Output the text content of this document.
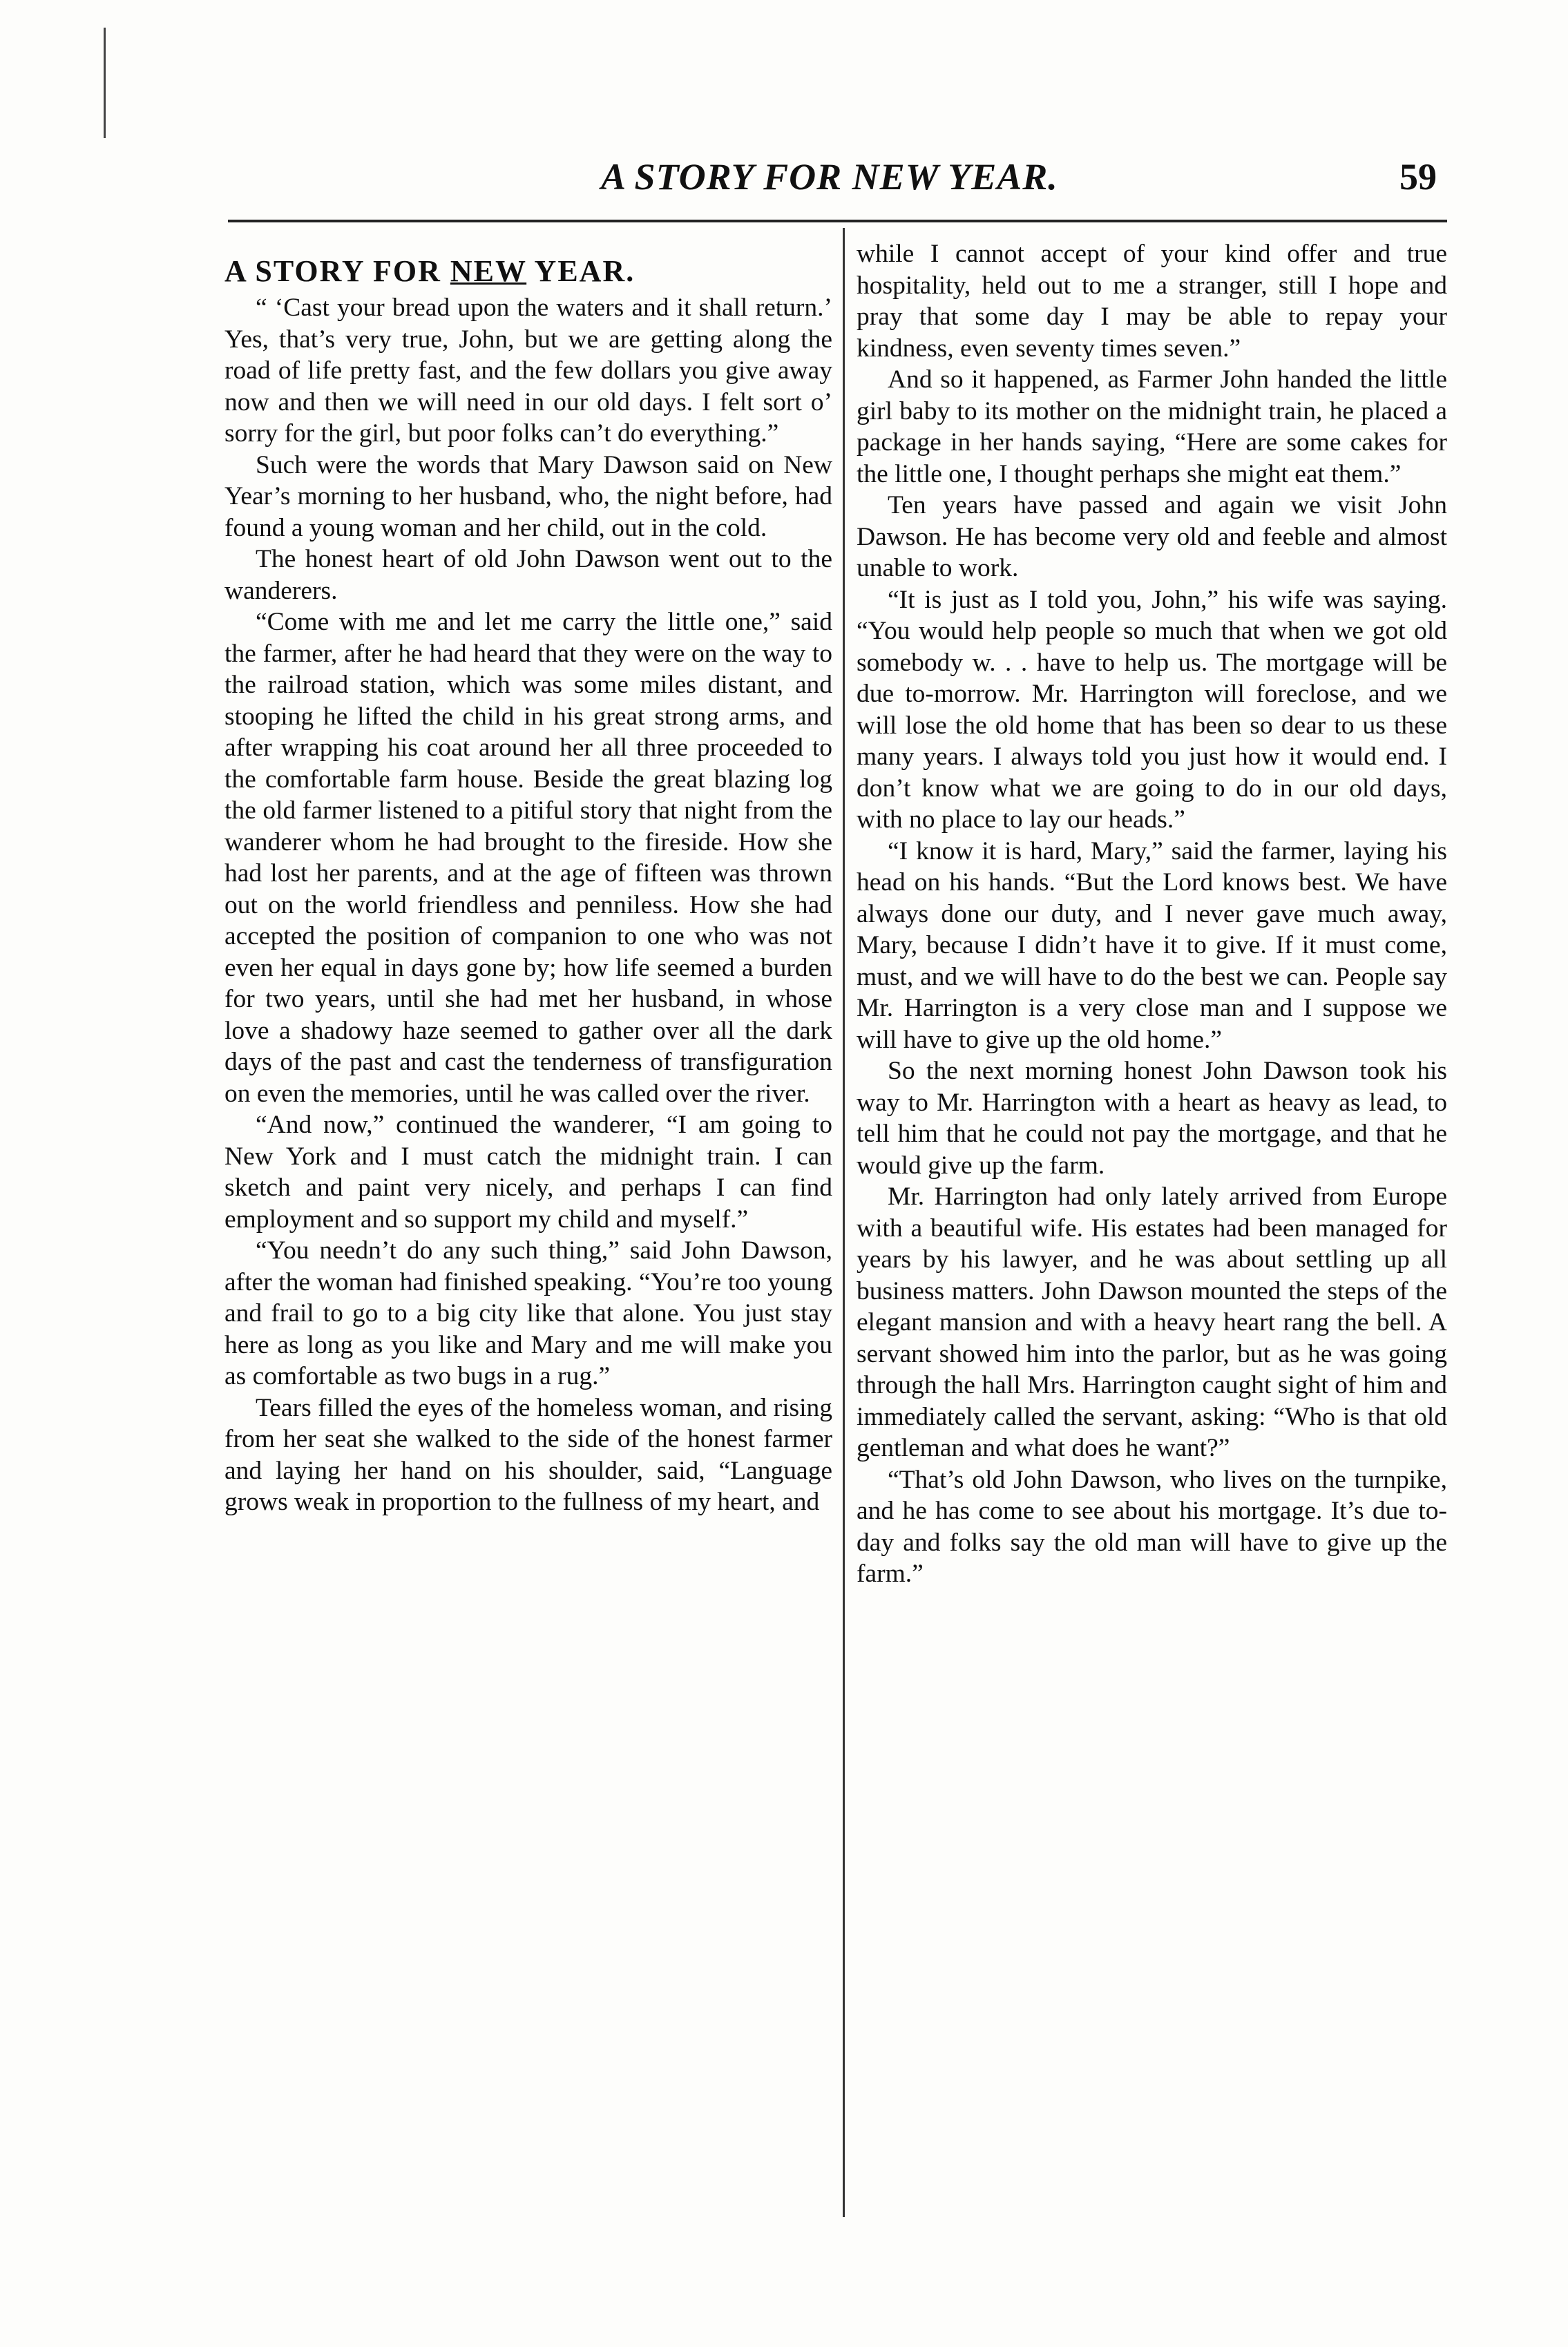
A STORY FOR NEW YEAR.	59
A STORY FOR NEW YEAR.

“ ‘Cast your bread upon the waters and it shall return.’ Yes, that’s very true, John, but we are getting along the road of life pretty fast, and the few dollars you give away now and then we will need in our old days. I felt sort o’ sorry for the girl, but poor folks can’t do everything.”

Such were the words that Mary Dawson said on New Year’s morning to her husband, who, the night before, had found a young woman and her child, out in the cold.

The honest heart of old John Dawson went out to the wanderers.

“Come with me and let me carry the little one,” said the farmer, after he had heard that they were on the way to the railroad station, which was some miles distant, and stooping he lifted the child in his great strong arms, and after wrapping his coat around her all three proceeded to the comfortable farm house. Beside the great blazing log the old farmer listened to a pitiful story that night from the wanderer whom he had brought to the fireside. How she had lost her parents, and at the age of fifteen was thrown out on the world friendless and penniless. How she had accepted the position of companion to one who was not even her equal in days gone by; how life seemed a burden for two years, until she had met her husband, in whose love a shadowy haze seemed to gather over all the dark days of the past and cast the tenderness of transfiguration on even the memories, until he was called over the river.

“And now,” continued the wanderer, “I am going to New York and I must catch the midnight train. I can sketch and paint very nicely, and perhaps I can find employment and so support my child and myself.”

“You needn’t do any such thing,” said John Dawson, after the woman had finished speaking. “You’re too young and frail to go to a big city like that alone. You just stay here as long as you like and Mary and me will make you as comfortable as two bugs in a rug.”

Tears filled the eyes of the homeless woman, and rising from her seat she walked to the side of the honest farmer and laying her hand on his shoulder, said, “Language grows weak in proportion to the fullness of my heart, and

while I cannot accept of your kind offer and true hospitality, held out to me a stranger, still I hope and pray that some day I may be able to repay your kindness, even seventy times seven.”

And so it happened, as Farmer John handed the little girl baby to its mother on the midnight train, he placed a package in her hands saying, “Here are some cakes for the little one, I thought perhaps she might eat them.”

Ten years have passed and again we visit John Dawson. He has become very old and feeble and almost unable to work.

“It is just as I told you, John,” his wife was saying. “You would help people so much that when we got old somebody w. . . have to help us. The mortgage will be due to-morrow. Mr. Harrington will foreclose, and we will lose the old home that has been so dear to us these many years. I always told you just how it would end. I don’t know what we are going to do in our old days, with no place to lay our heads.”

“I know it is hard, Mary,” said the farmer, laying his head on his hands. “But the Lord knows best. We have always done our duty, and I never gave much away, Mary, because I didn’t have it to give. If it must come, must, and we will have to do the best we can. People say Mr. Harrington is a very close man and I suppose we will have to give up the old home.”

So the next morning honest John Dawson took his way to Mr. Harrington with a heart as heavy as lead, to tell him that he could not pay the mortgage, and that he would give up the farm.

Mr. Harrington had only lately arrived from Europe with a beautiful wife. His estates had been managed for years by his lawyer, and he was about settling up all business matters. John Dawson mounted the steps of the elegant mansion and with a heavy heart rang the bell. A servant showed him into the parlor, but as he was going through the hall Mrs. Harrington caught sight of him and immediately called the servant, asking: “Who is that old gentleman and what does he want?”

“That’s old John Dawson, who lives on the turnpike, and he has come to see about his mortgage. It’s due to-day and folks say the old man will have to give up the farm.”
